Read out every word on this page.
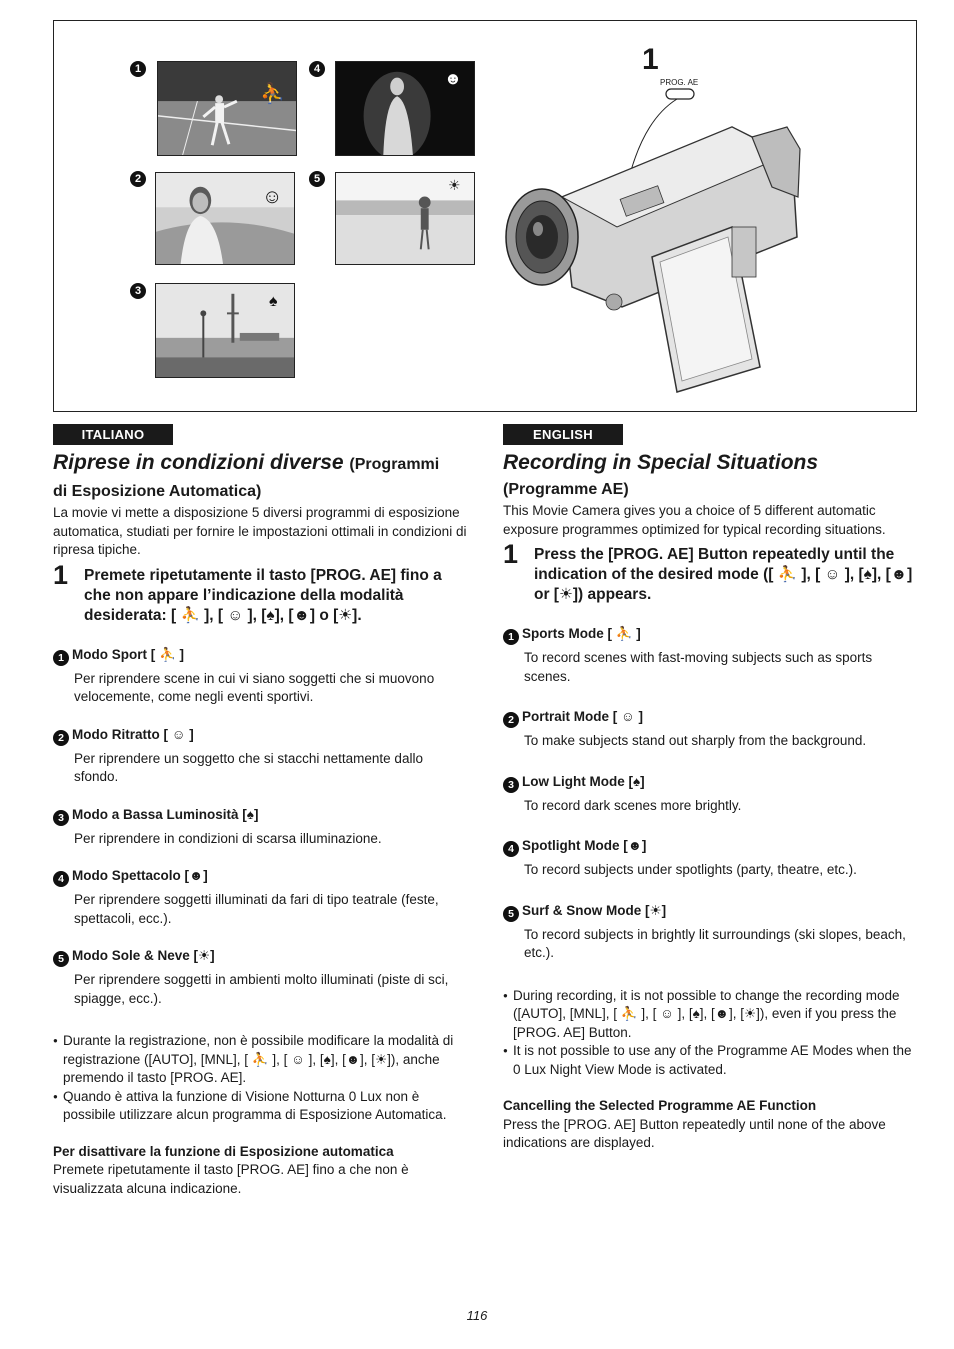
1
⛹
2
☺
3
♠
4	☻
5	☀
1
PROG. AE
ITALIANO
Riprese in condizioni diverse (Programmi
di Esposizione Automatica)

La movie vi mette a disposizione 5 diversi programmi di esposizione automatica, studiati per fornire le impostazioni ottimali in condizioni di ripresa tipiche.

1 Premete ripetutamente il tasto [PROG. AE] fino a che non appare l’indicazione della modalità desiderata: [ ⛹ ], [ ☺ ], [♠], [☻] o [☀].
1 Modo Sport [ ⛹ ]
Per riprendere scene in cui vi siano soggetti che si muovono velocemente, come negli eventi sportivi.
2 Modo Ritratto [ ☺ ]
Per riprendere un soggetto che si stacchi nettamente dallo sfondo.
3 Modo a Bassa Luminosità [♠]
Per riprendere in condizioni di scarsa illuminazione.
4 Modo Spettacolo [☻]
Per riprendere soggetti illuminati da fari di tipo teatrale (feste, spettacoli, ecc.).
5 Modo Sole & Neve [☀]
Per riprendere soggetti in ambienti molto illuminati (piste di sci, spiagge, ecc.).
● Durante la registrazione, non è possibile modificare la modalità di registrazione ([AUTO], [MNL], [ ⛹ ], [ ☺ ], [♠], [☻], [☀]), anche premendo il tasto [PROG. AE].
● Quando è attiva la funzione di Visione Notturna 0 Lux non è possibile utilizzare alcun programma di Esposizione Automatica.
Per disattivare la funzione di Esposizione automatica
Premete ripetutamente il tasto [PROG. AE] fino a che non è visualizzata alcuna indicazione.
ENGLISH
Recording in Special Situations
(Programme AE)

This Movie Camera gives you a choice of 5 different automatic exposure programmes optimized for typical recording situations.

1 Press the [PROG. AE] Button repeatedly until the indication of the desired mode ([ ⛹ ], [ ☺ ], [♠], [☻] or [☀]) appears.
1 Sports Mode [ ⛹ ]
To record scenes with fast-moving subjects such as sports scenes.
2 Portrait Mode [ ☺ ]
To make subjects stand out sharply from the background.
3 Low Light Mode [♠]
To record dark scenes more brightly.
4 Spotlight Mode [☻]
To record subjects under spotlights (party, theatre, etc.).
5 Surf & Snow Mode [☀]
To record subjects in brightly lit surroundings (ski slopes, beach, etc.).
● During recording, it is not possible to change the recording mode ([AUTO], [MNL], [ ⛹ ], [ ☺ ], [♠], [☻], [☀]), even if you press the [PROG. AE] Button.
● It is not possible to use any of the Programme AE Modes when the 0 Lux Night View Mode is activated.
Cancelling the Selected Programme AE Function
Press the [PROG. AE] Button repeatedly until none of the above indications are displayed.
116
